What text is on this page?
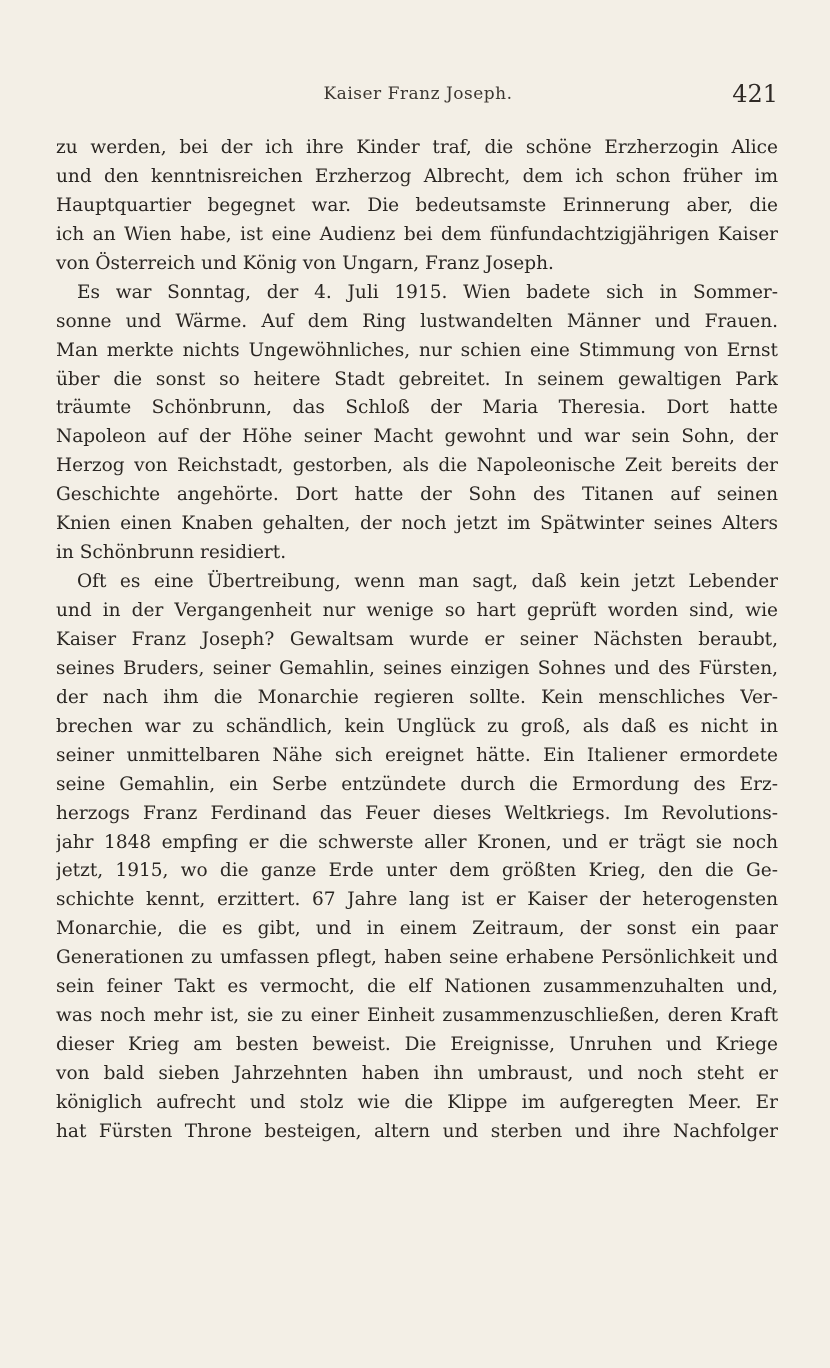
Kaiser Franz Joseph.	421
zu werden, bei der ich ihre Kinder traf, die schöne Erzherzogin Alice
und den kenntnisreichen Erzherzog Albrecht, dem ich schon früher im
Hauptquartier begegnet war. Die bedeutsamste Erinnerung aber, die
ich an Wien habe, ist eine Audienz bei dem fünfundachtzigjährigen Kaiser
von Österreich und König von Ungarn, Franz Joseph.
Es war Sonntag, der 4. Juli 1915. Wien badete sich in Sommer-
sonne und Wärme. Auf dem Ring lustwandelten Männer und Frauen.
Man merkte nichts Ungewöhnliches, nur schien eine Stimmung von Ernst
über die sonst so heitere Stadt gebreitet. In seinem gewaltigen Park
träumte Schönbrunn, das Schloß der Maria Theresia. Dort hatte
Napoleon auf der Höhe seiner Macht gewohnt und war sein Sohn, der
Herzog von Reichstadt, gestorben, als die Napoleonische Zeit bereits der
Geschichte angehörte. Dort hatte der Sohn des Titanen auf seinen
Knien einen Knaben gehalten, der noch jetzt im Spätwinter seines Alters
in Schönbrunn residiert.
Oft es eine Übertreibung, wenn man sagt, daß kein jetzt Lebender
und in der Vergangenheit nur wenige so hart geprüft worden sind, wie
Kaiser Franz Joseph? Gewaltsam wurde er seiner Nächsten beraubt,
seines Bruders, seiner Gemahlin, seines einzigen Sohnes und des Fürsten,
der nach ihm die Monarchie regieren sollte. Kein menschliches Ver-
brechen war zu schändlich, kein Unglück zu groß, als daß es nicht in
seiner unmittelbaren Nähe sich ereignet hätte. Ein Italiener ermordete
seine Gemahlin, ein Serbe entzündete durch die Ermordung des Erz-
herzogs Franz Ferdinand das Feuer dieses Weltkriegs. Im Revolutions-
jahr 1848 empfing er die schwerste aller Kronen, und er trägt sie noch
jetzt, 1915, wo die ganze Erde unter dem größten Krieg, den die Ge-
schichte kennt, erzittert. 67 Jahre lang ist er Kaiser der heterogensten
Monarchie, die es gibt, und in einem Zeitraum, der sonst ein paar
Generationen zu umfassen pflegt, haben seine erhabene Persönlichkeit und
sein feiner Takt es vermocht, die elf Nationen zusammenzuhalten und,
was noch mehr ist, sie zu einer Einheit zusammenzuschließen, deren Kraft
dieser Krieg am besten beweist. Die Ereignisse, Unruhen und Kriege
von bald sieben Jahrzehnten haben ihn umbraust, und noch steht er
königlich aufrecht und stolz wie die Klippe im aufgeregten Meer. Er
hat Fürsten Throne besteigen, altern und sterben und ihre Nachfolger
